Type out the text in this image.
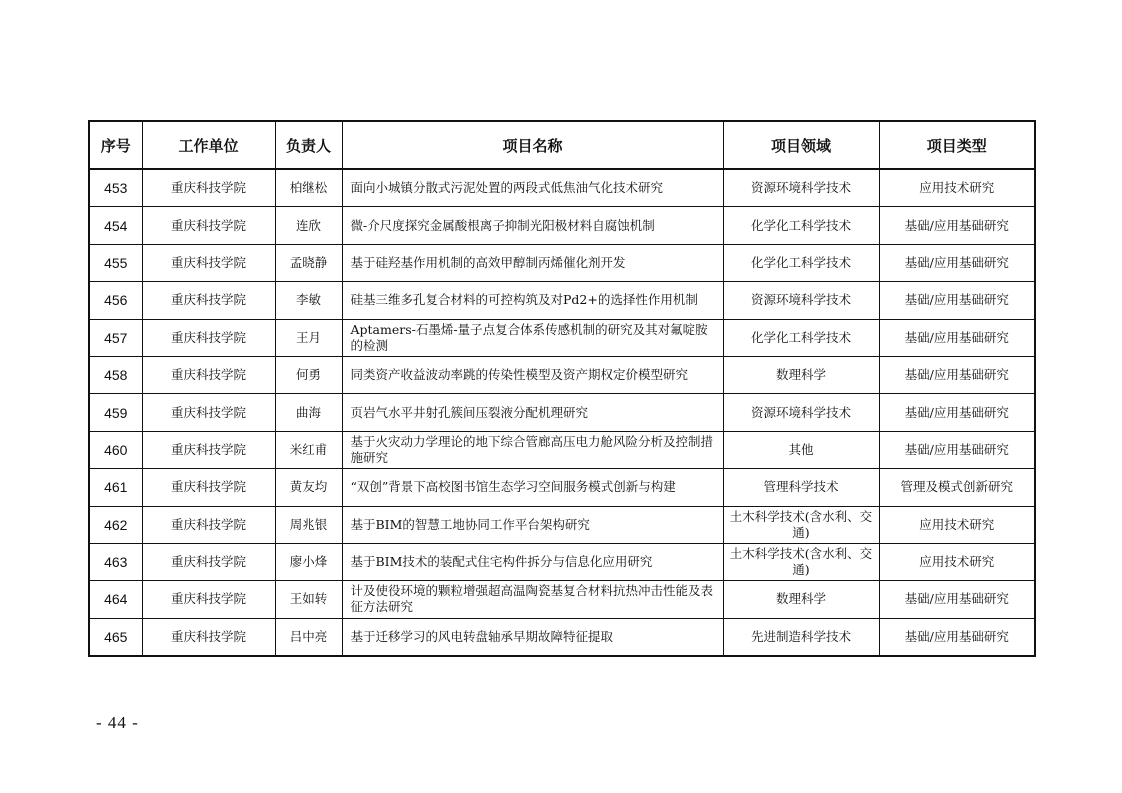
序号	工作单位	负责人	项目名称	项目领域	项目类型
453	重庆科技学院	柏继松	面向小城镇分散式污泥处置的两段式低焦油气化技术研究	资源环境科学技术	应用技术研究
454	重庆科技学院	连欣	微-介尺度探究金属酸根离子抑制光阳极材料自腐蚀机制	化学化工科学技术	基础/应用基础研究
455	重庆科技学院	孟晓静	基于硅羟基作用机制的高效甲醇制丙烯催化剂开发	化学化工科学技术	基础/应用基础研究
456	重庆科技学院	李敏	硅基三维多孔复合材料的可控构筑及对Pd2+的选择性作用机制	资源环境科学技术	基础/应用基础研究
457	重庆科技学院	王月	Aptamers-石墨烯-量子点复合体系传感机制的研究及其对氟啶胺的检测	化学化工科学技术	基础/应用基础研究
458	重庆科技学院	何勇	同类资产收益波动率跳的传染性模型及资产期权定价模型研究	数理科学	基础/应用基础研究
459	重庆科技学院	曲海	页岩气水平井射孔簇间压裂液分配机理研究	资源环境科学技术	基础/应用基础研究
460	重庆科技学院	米红甫	基于火灾动力学理论的地下综合管廊高压电力舱风险分析及控制措施研究	其他	基础/应用基础研究
461	重庆科技学院	黄友均	“双创”背景下高校图书馆生态学习空间服务模式创新与构建	管理科学技术	管理及模式创新研究
462	重庆科技学院	周兆银	基于BIM的智慧工地协同工作平台架构研究	土木科学技术(含水利、交通)	应用技术研究
463	重庆科技学院	廖小烽	基于BIM技术的装配式住宅构件拆分与信息化应用研究	土木科学技术(含水利、交通)	应用技术研究
464	重庆科技学院	王如转	计及使役环境的颗粒增强超高温陶瓷基复合材料抗热冲击性能及表征方法研究	数理科学	基础/应用基础研究
465	重庆科技学院	吕中亮	基于迁移学习的风电转盘轴承早期故障特征提取	先进制造科学技术	基础/应用基础研究
- 44 -
